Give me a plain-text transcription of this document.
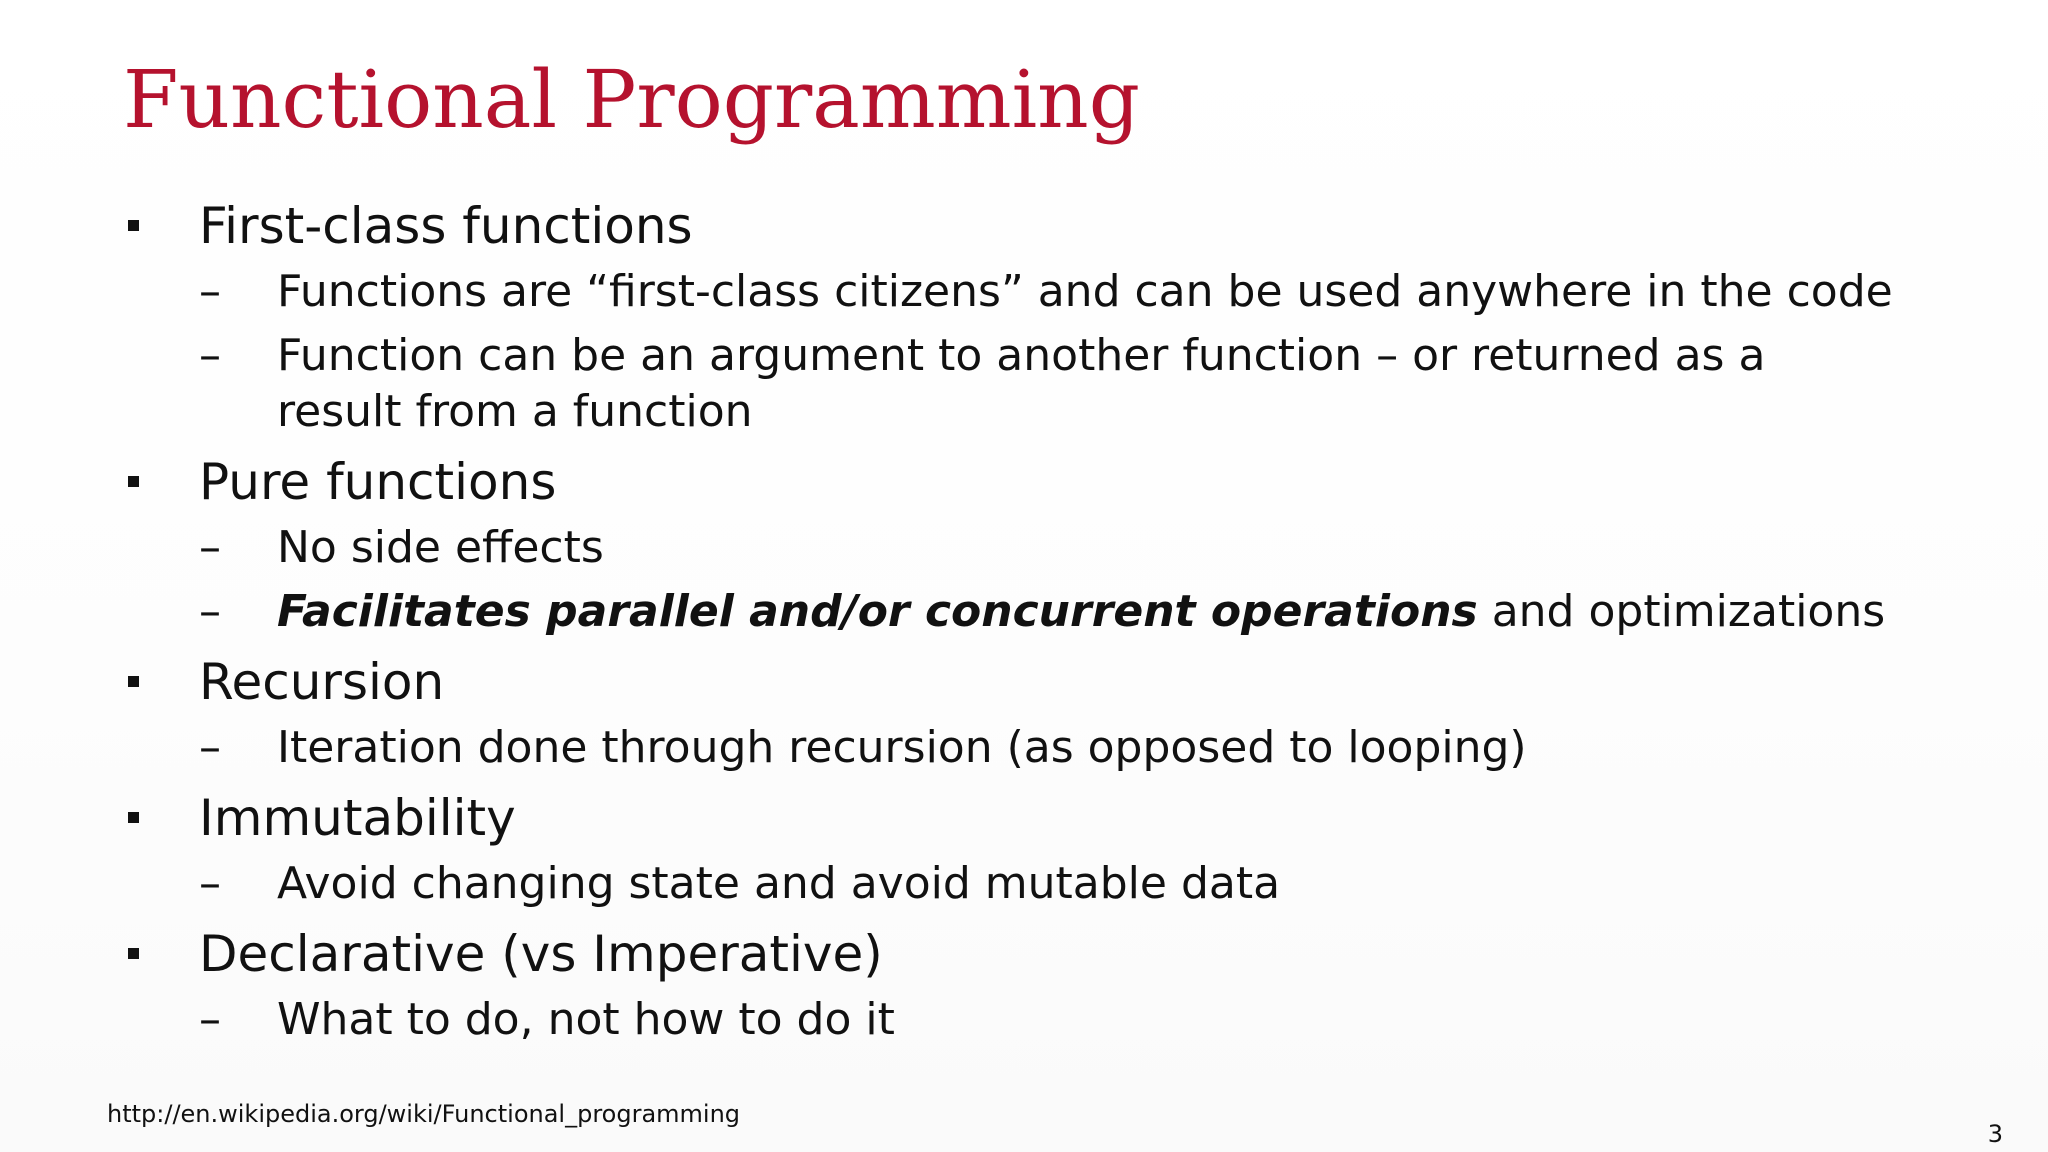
Functional Programming
First-class functions
– Functions are “first-class citizens” and can be used anywhere in the code
– Function can be an argument to another function – or returned as a result from a function
Pure functions
– No side effects
– Facilitates parallel and/or concurrent operations and optimizations
Recursion
– Iteration done through recursion (as opposed to looping)
Immutability
– Avoid changing state and avoid mutable data
Declarative (vs Imperative)
– What to do, not how to do it
http://en.wikipedia.org/wiki/Functional_programming
3
